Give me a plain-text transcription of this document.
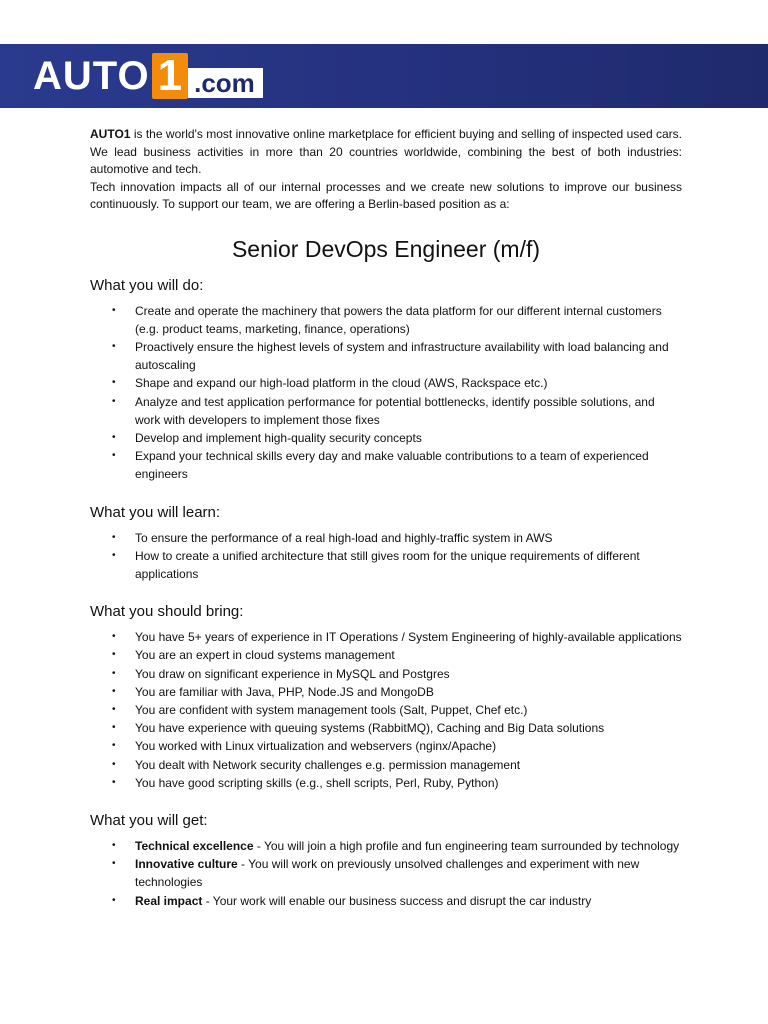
AUTO 1 .com

AUTO1 is the world's most innovative online marketplace for efficient buying and selling of inspected used cars. We lead business activities in more than 20 countries worldwide, combining the best of both industries: automotive and tech.

Tech innovation impacts all of our internal processes and we create new solutions to improve our business continuously. To support our team, we are offering a Berlin-based position as a:

Senior DevOps Engineer (m/f)
What you will do:
• Create and operate the machinery that powers the data platform for our different internal customers (e.g. product teams, marketing, finance, operations)
• Proactively ensure the highest levels of system and infrastructure availability with load balancing and autoscaling
• Shape and expand our high-load platform in the cloud (AWS, Rackspace etc.)
• Analyze and test application performance for potential bottlenecks, identify possible solutions, and work with developers to implement those fixes
• Develop and implement high-quality security concepts
• Expand your technical skills every day and make valuable contributions to a team of experienced engineers
What you will learn:
• To ensure the performance of a real high-load and highly-traffic system in AWS
• How to create a unified architecture that still gives room for the unique requirements of different applications
What you should bring:
• You have 5+ years of experience in IT Operations / System Engineering of highly-available applications
• You are an expert in cloud systems management
• You draw on significant experience in MySQL and Postgres
• You are familiar with Java, PHP, Node.JS and MongoDB
• You are confident with system management tools (Salt, Puppet, Chef etc.)
• You have experience with queuing systems (RabbitMQ), Caching and Big Data solutions
• You worked with Linux virtualization and webservers (nginx/Apache)
• You dealt with Network security challenges e.g. permission management
• You have good scripting skills (e.g., shell scripts, Perl, Ruby, Python)
What you will get:
• Technical excellence - You will join a high profile and fun engineering team surrounded by technology
• Innovative culture - You will work on previously unsolved challenges and experiment with new technologies
• Real impact - Your work will enable our business success and disrupt the car industry
